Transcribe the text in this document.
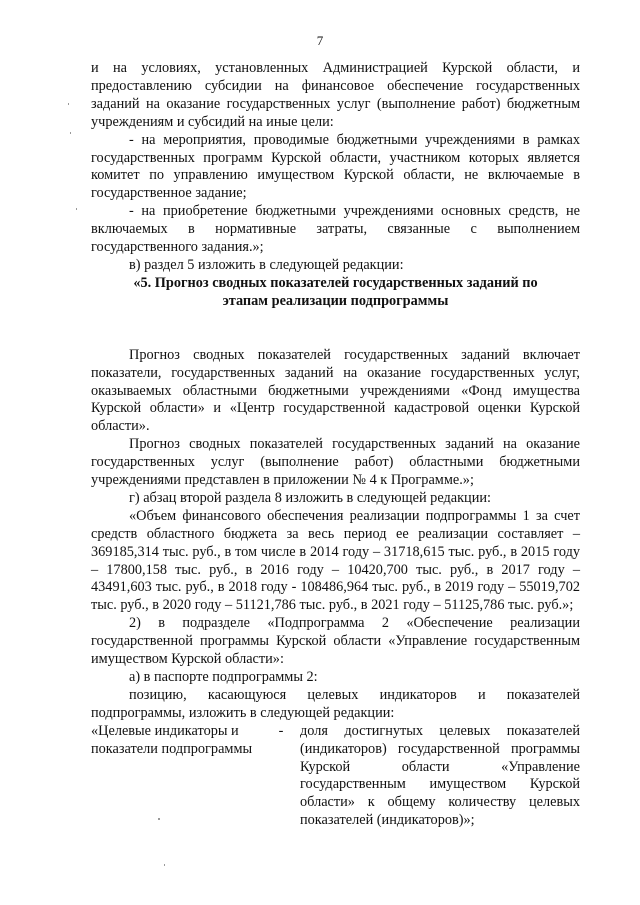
7

и на условиях, установленных Администрацией Курской области, и предоставлению субсидии на финансовое обеспечение государственных заданий на оказание государственных услуг (выполнение работ) бюджетным учреждениям и субсидий на иные цели:

- на мероприятия, проводимые бюджетными учреждениями в рамках государственных программ Курской области, участником которых является комитет по управлению имуществом Курской области, не включаемые в государственное задание;

- на приобретение бюджетными учреждениями основных средств, не включаемых в нормативные затраты, связанные с выполнением государственного задания.»;

в) раздел 5 изложить в следующей редакции:

«5. Прогноз сводных показателей государственных заданий по

этапам реализации подпрограммы

Прогноз сводных показателей государственных заданий включает показатели, государственных заданий на оказание государственных услуг, оказываемых областными бюджетными учреждениями «Фонд имущества Курской области» и «Центр государственной кадастровой оценки Курской области».

Прогноз сводных показателей государственных заданий на оказание государственных услуг (выполнение работ) областными бюджетными учреждениями представлен в приложении № 4 к Программе.»;

г) абзац второй раздела 8 изложить в следующей редакции:

«Объем финансового обеспечения реализации подпрограммы 1 за счет средств областного бюджета за весь период ее реализации составляет – 369185,314 тыс. руб., в том числе в 2014 году – 31718,615 тыс. руб., в 2015 году – 17800,158 тыс. руб., в 2016 году – 10420,700 тыс. руб., в 2017 году – 43491,603 тыс. руб., в 2018 году - 108486,964 тыс. руб., в 2019 году – 55019,702 тыс. руб., в 2020 году – 51121,786 тыс. руб., в 2021 году – 51125,786 тыс. руб.»;

2) в подразделе «Подпрограмма 2 «Обеспечение реализации государственной программы Курской области «Управление государственным имуществом Курской области»:

а) в паспорте подпрограммы 2:

позицию, касающуюся целевых индикаторов и показателей подпрограммы, изложить в следующей редакции:

«Целевые индикаторы и показатели подпрограммы
-	доля достигнутых целевых показателей (индикаторов) государственной программы Курской области «Управление государственным имуществом Курской области» к общему количеству целевых показателей (индикаторов)»;
